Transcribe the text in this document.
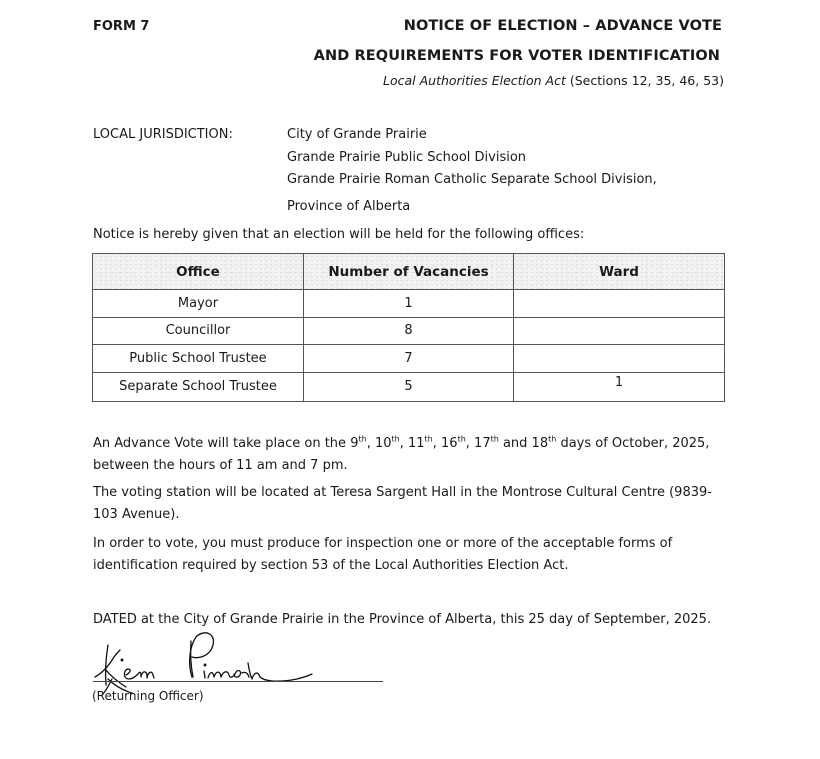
FORM 7	NOTICE OF ELECTION – ADVANCE VOTE
AND REQUIREMENTS FOR VOTER IDENTIFICATION
Local Authorities Election Act (Sections 12, 35, 46, 53)
LOCAL JURISDICTION:	City of Grande Prairie
Grande Prairie Public School Division
Grande Prairie Roman Catholic Separate School Division,
Province of Alberta
Notice is hereby given that an election will be held for the following offices:
Office	Number of Vacancies	Ward
Mayor	1	
Councillor	8	
Public School Trustee	7	
Separate School Trustee	5	1
An Advance Vote will take place on the 9th, 10th, 11th, 16th, 17th and 18th days of October, 2025, between the hours of 11 am and 7 pm.
The voting station will be located at Teresa Sargent Hall in the Montrose Cultural Centre (9839-103 Avenue).
In order to vote, you must produce for inspection one or more of the acceptable forms of identification required by section 53 of the Local Authorities Election Act.
DATED at the City of Grande Prairie in the Province of Alberta, this 25 day of September, 2025.
(Returning Officer)
